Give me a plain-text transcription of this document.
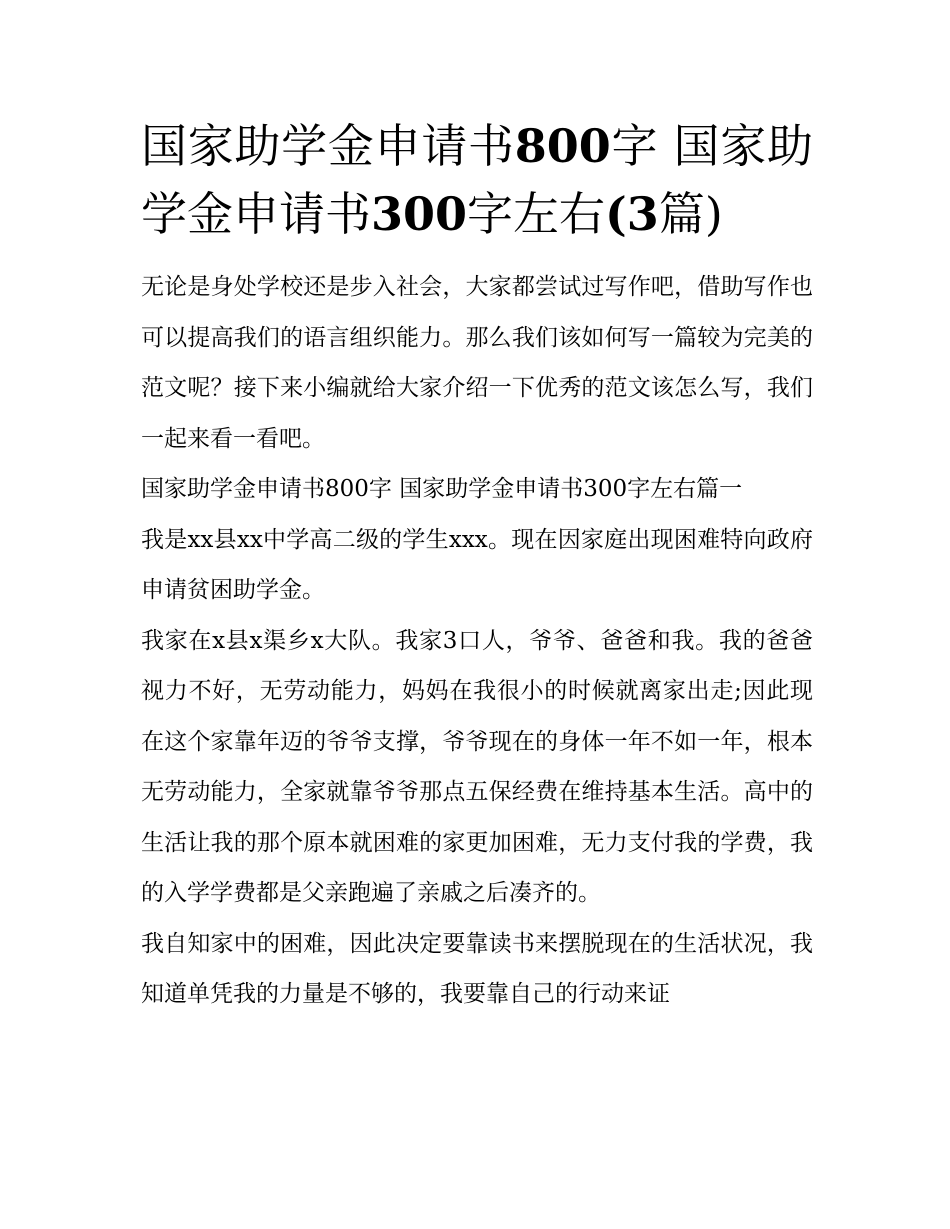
国家助学金申请书800字 国家助学金申请书300字左右(3篇)

无论是身处学校还是步入社会，大家都尝试过写作吧，借助写作也可以提高我们的语言组织能力。那么我们该如何写一篇较为完美的范文呢？接下来小编就给大家介绍一下优秀的范文该怎么写，我们一起来看一看吧。

国家助学金申请书800字 国家助学金申请书300字左右篇一

我是xx县xx中学高二级的学生xxx。现在因家庭出现困难特向政府申请贫困助学金。

我家在x县x渠乡x大队。我家3口人，爷爷、爸爸和我。我的爸爸视力不好，无劳动能力，妈妈在我很小的时候就离家出走;因此现在这个家靠年迈的爷爷支撑，爷爷现在的身体一年不如一年，根本无劳动能力，全家就靠爷爷那点五保经费在维持基本生活。高中的生活让我的那个原本就困难的家更加困难，无力支付我的学费，我的入学学费都是父亲跑遍了亲戚之后凑齐的。

我自知家中的困难，因此决定要靠读书来摆脱现在的生活状况，我知道单凭我的力量是不够的，我要靠自己的行动来证
